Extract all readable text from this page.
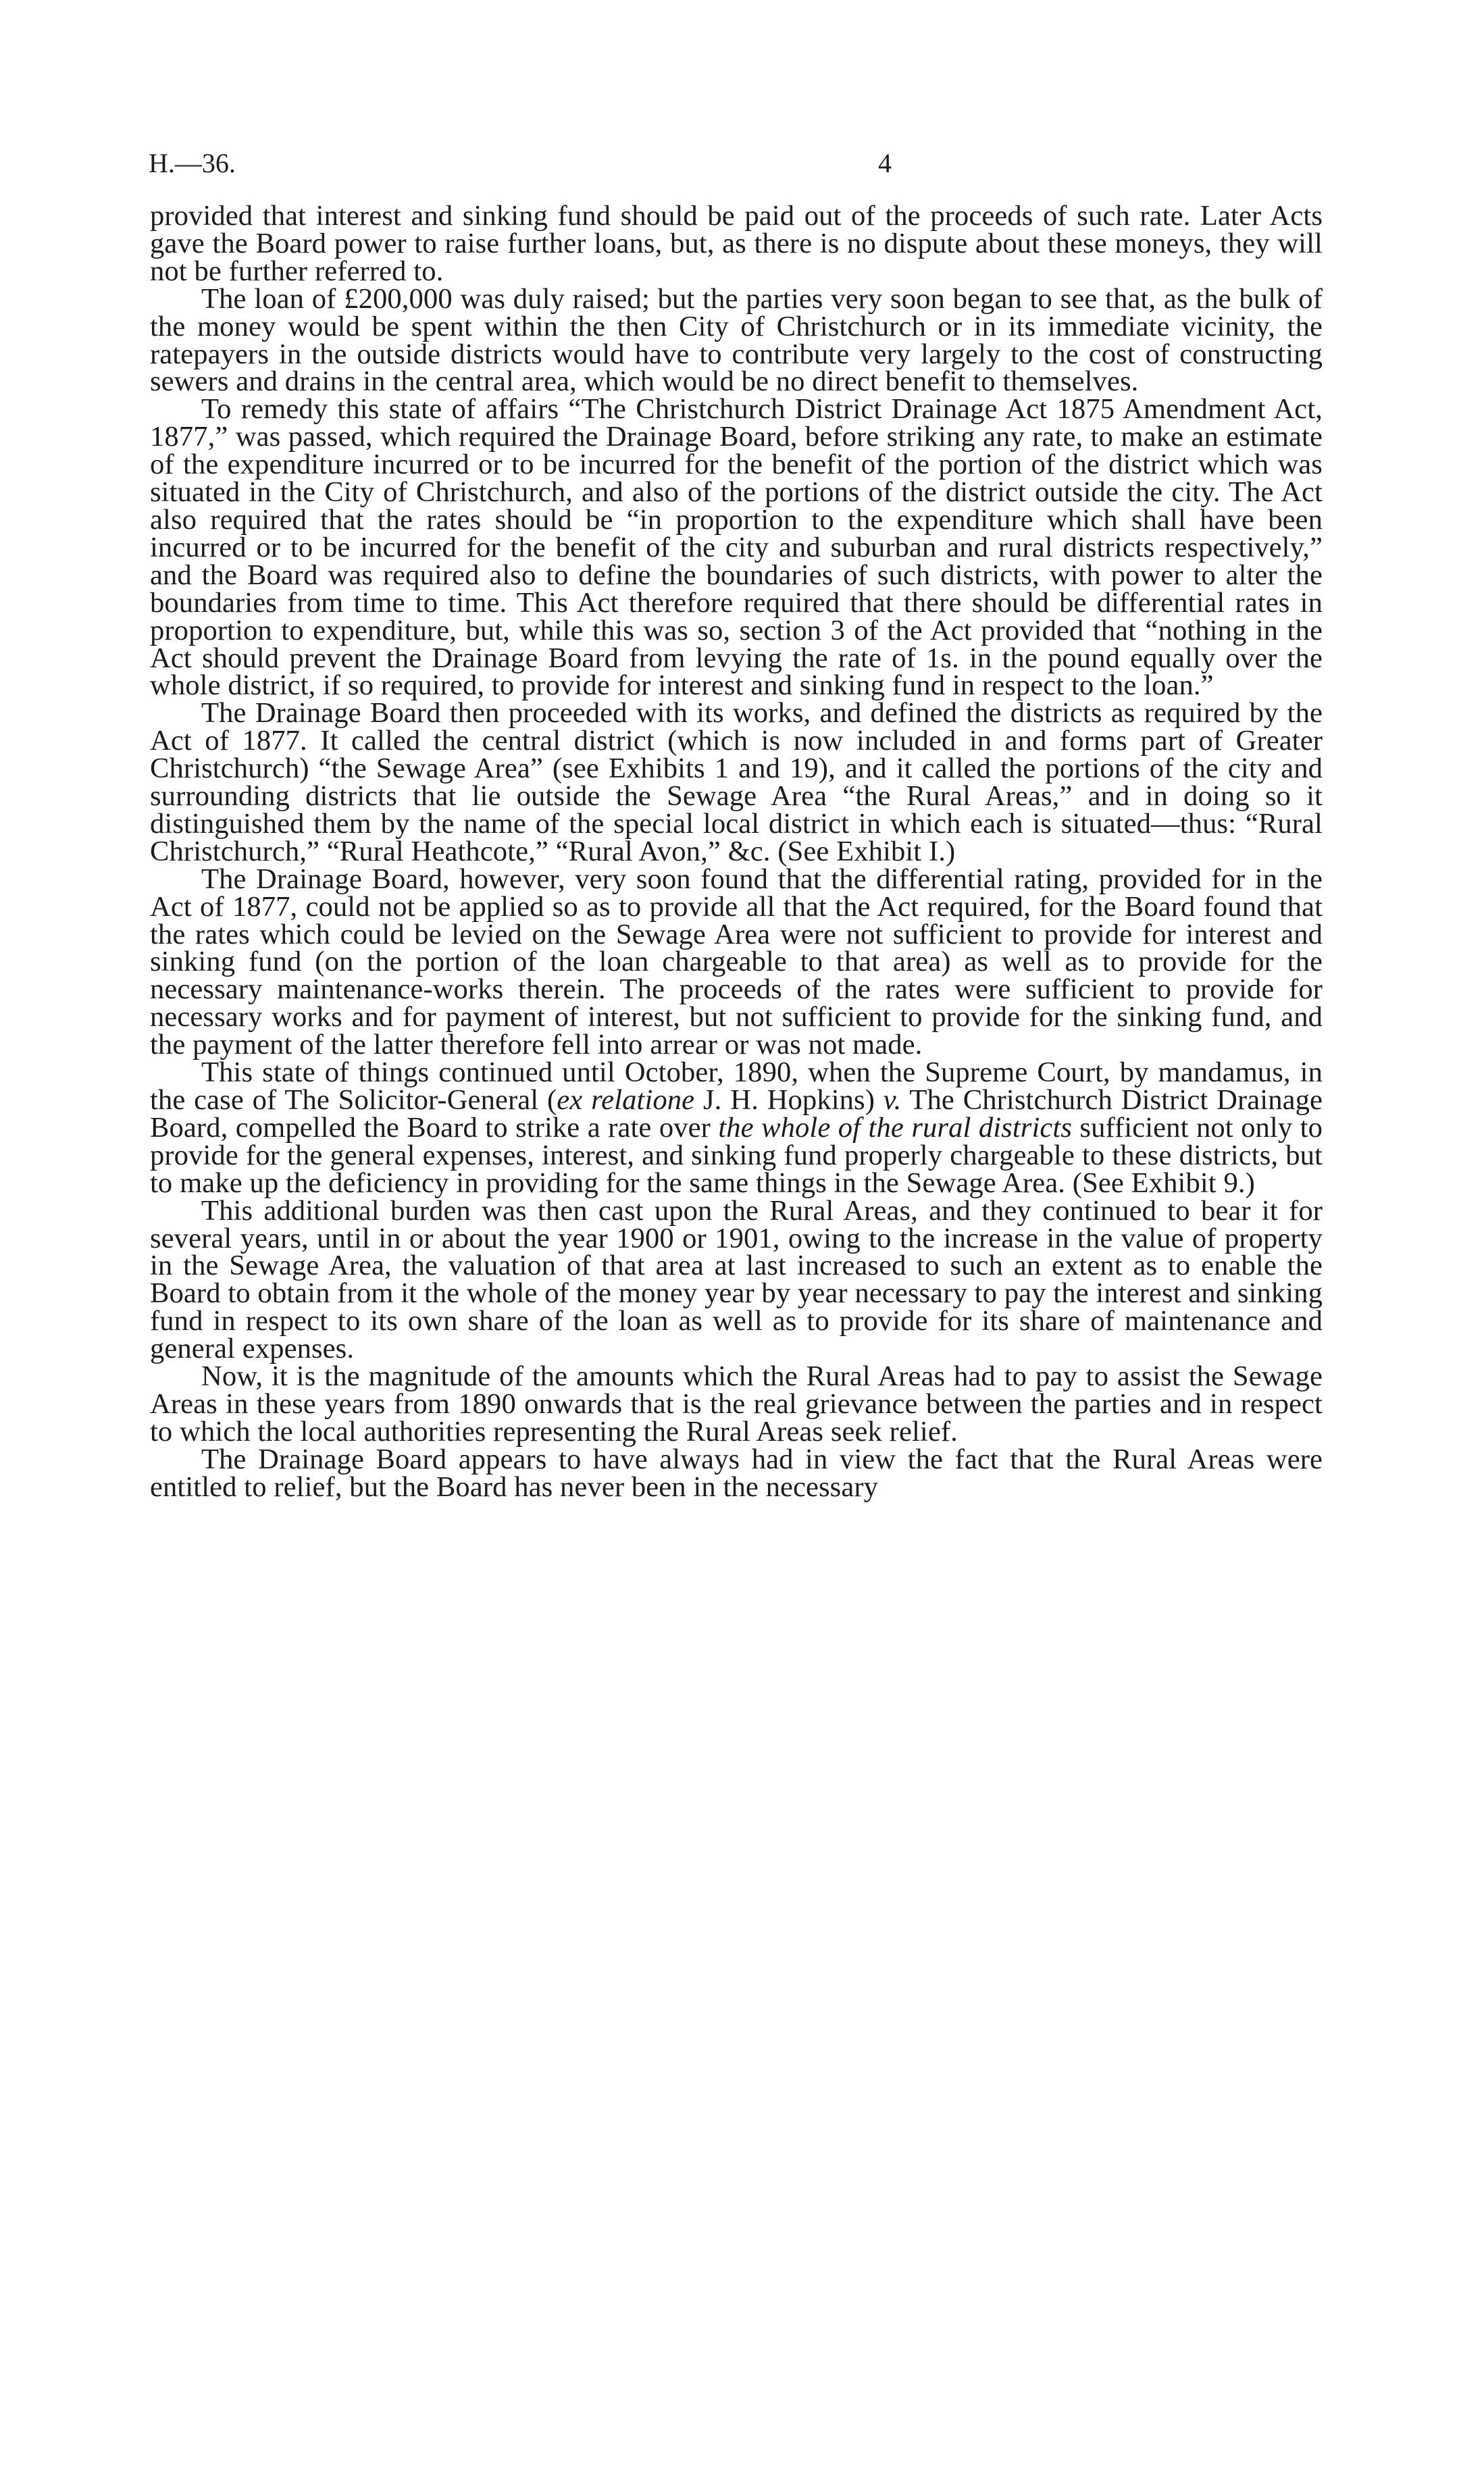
H.—36.	4

provided that interest and sinking fund should be paid out of the proceeds of such rate. Later Acts gave the Board power to raise further loans, but, as there is no dispute about these moneys, they will not be further referred to.

The loan of £200,000 was duly raised; but the parties very soon began to see that, as the bulk of the money would be spent within the then City of Christchurch or in its immediate vicinity, the ratepayers in the outside districts would have to contribute very largely to the cost of constructing sewers and drains in the central area, which would be no direct benefit to themselves.

To remedy this state of affairs “The Christchurch District Drainage Act 1875 Amendment Act, 1877,” was passed, which required the Drainage Board, before striking any rate, to make an estimate of the expenditure incurred or to be incurred for the benefit of the portion of the district which was situated in the City of Christchurch, and also of the portions of the district outside the city. The Act also required that the rates should be “in proportion to the expenditure which shall have been incurred or to be incurred for the benefit of the city and suburban and rural districts respectively,” and the Board was required also to define the boundaries of such districts, with power to alter the boundaries from time to time. This Act therefore required that there should be differential rates in proportion to expenditure, but, while this was so, section 3 of the Act provided that “nothing in the Act should prevent the Drainage Board from levying the rate of 1s. in the pound equally over the whole district, if so required, to provide for interest and sinking fund in respect to the loan.”

The Drainage Board then proceeded with its works, and defined the districts as required by the Act of 1877. It called the central district (which is now included in and forms part of Greater Christchurch) “the Sewage Area” (see Exhibits 1 and 19), and it called the portions of the city and surrounding districts that lie outside the Sewage Area “the Rural Areas,” and in doing so it distinguished them by the name of the special local district in which each is situated—thus: “Rural Christchurch,” “Rural Heathcote,” “Rural Avon,” &c. (See Exhibit I.)

The Drainage Board, however, very soon found that the differential rating, provided for in the Act of 1877, could not be applied so as to provide all that the Act required, for the Board found that the rates which could be levied on the Sewage Area were not sufficient to provide for interest and sinking fund (on the portion of the loan chargeable to that area) as well as to provide for the necessary maintenance-works therein. The proceeds of the rates were sufficient to provide for necessary works and for payment of interest, but not sufficient to provide for the sinking fund, and the payment of the latter therefore fell into arrear or was not made.

This state of things continued until October, 1890, when the Supreme Court, by mandamus, in the case of The Solicitor-General (ex relatione J. H. Hopkins) v. The Christchurch District Drainage Board, compelled the Board to strike a rate over the whole of the rural districts sufficient not only to provide for the general expenses, interest, and sinking fund properly chargeable to these districts, but to make up the deficiency in providing for the same things in the Sewage Area. (See Exhibit 9.)

This additional burden was then cast upon the Rural Areas, and they continued to bear it for several years, until in or about the year 1900 or 1901, owing to the increase in the value of property in the Sewage Area, the valuation of that area at last increased to such an extent as to enable the Board to obtain from it the whole of the money year by year necessary to pay the interest and sinking fund in respect to its own share of the loan as well as to provide for its share of maintenance and general expenses.

Now, it is the magnitude of the amounts which the Rural Areas had to pay to assist the Sewage Areas in these years from 1890 onwards that is the real grievance between the parties and in respect to which the local authorities representing the Rural Areas seek relief.

The Drainage Board appears to have always had in view the fact that the Rural Areas were entitled to relief, but the Board has never been in the necessary
